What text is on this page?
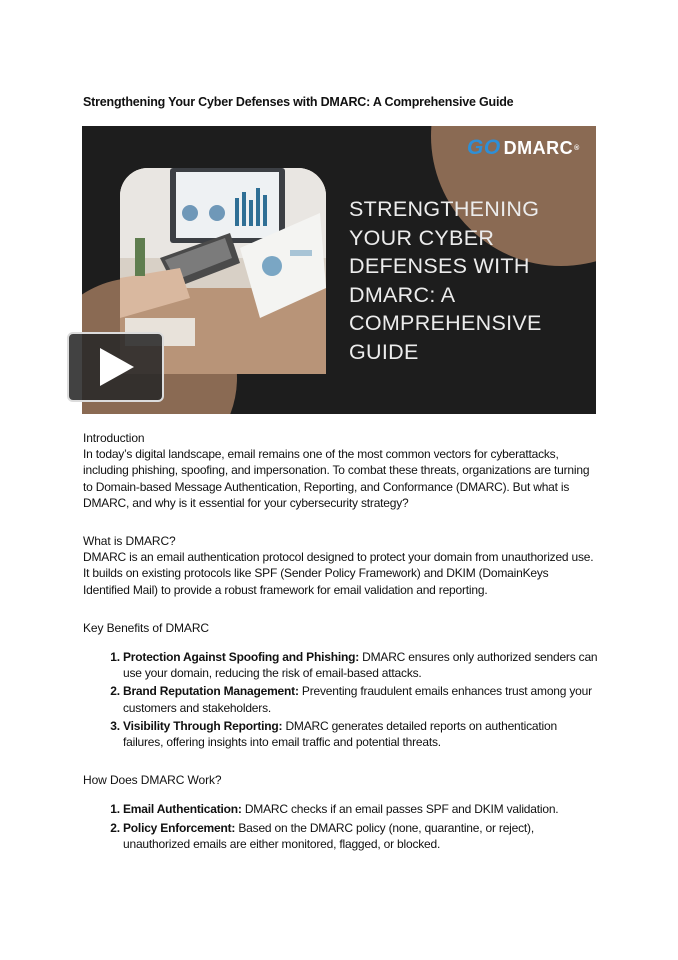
Strengthening Your Cyber Defenses with DMARC: A Comprehensive Guide
GO DMARC ®
STRENGTHENING
YOUR CYBER
DEFENSES WITH
DMARC: A
COMPREHENSIVE
GUIDE
Introduction

In today’s digital landscape, email remains one of the most common vectors for cyberattacks, including phishing, spoofing, and impersonation. To combat these threats, organizations are turning to Domain-based Message Authentication, Reporting, and Conformance (DMARC). But what is DMARC, and why is it essential for your cybersecurity strategy?

What is DMARC?

DMARC is an email authentication protocol designed to protect your domain from unauthorized use. It builds on existing protocols like SPF (Sender Policy Framework) and DKIM (DomainKeys Identified Mail) to provide a robust framework for email validation and reporting.

Key Benefits of DMARC
1. Protection Against Spoofing and Phishing: DMARC ensures only authorized senders can use your domain, reducing the risk of email-based attacks.
2. Brand Reputation Management: Preventing fraudulent emails enhances trust among your customers and stakeholders.
3. Visibility Through Reporting: DMARC generates detailed reports on authentication failures, offering insights into email traffic and potential threats.
How Does DMARC Work?
1. Email Authentication: DMARC checks if an email passes SPF and DKIM validation.
2. Policy Enforcement: Based on the DMARC policy (none, quarantine, or reject), unauthorized emails are either monitored, flagged, or blocked.
